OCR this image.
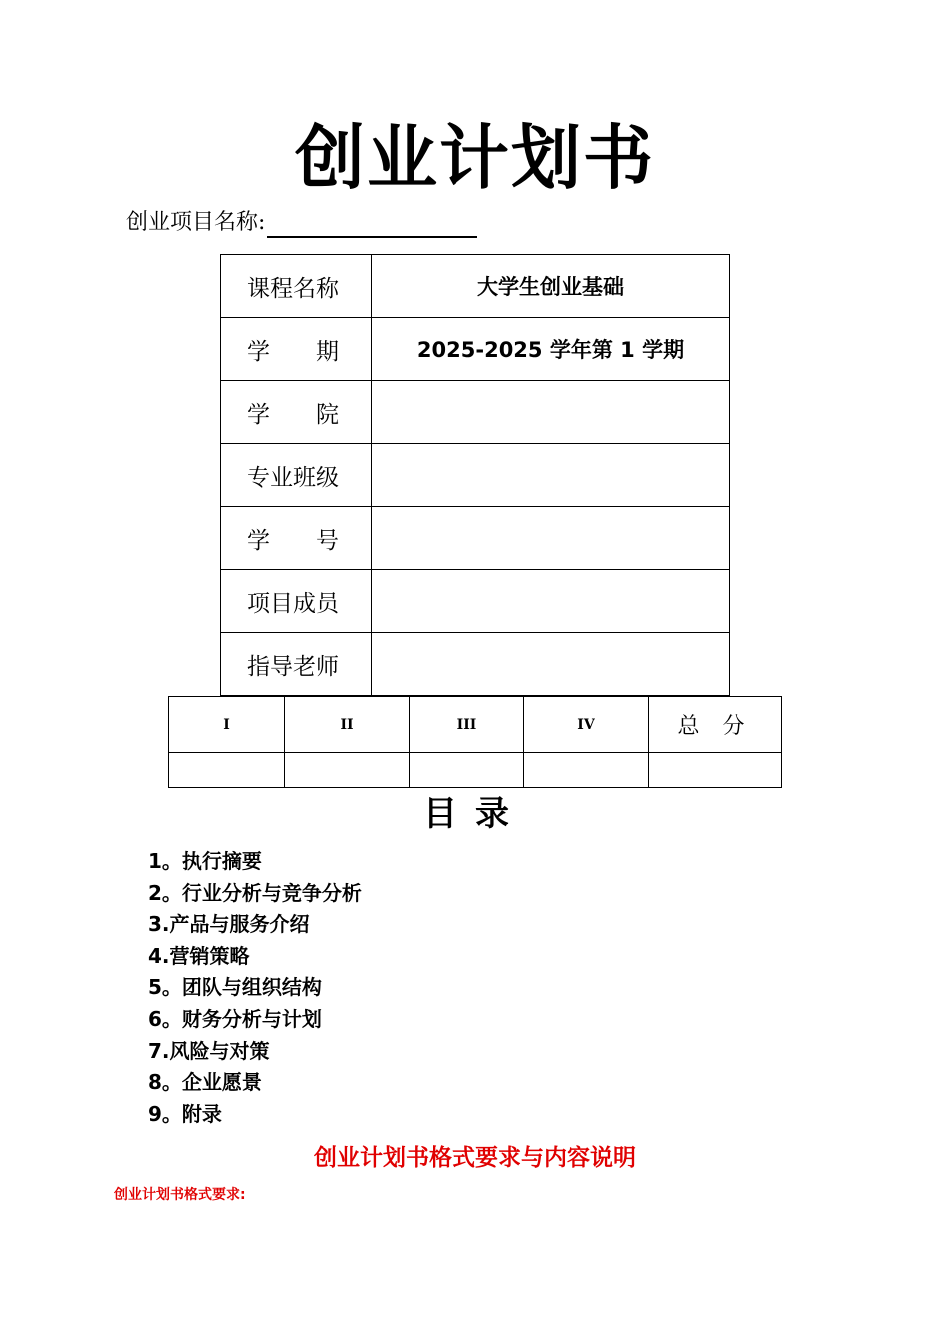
创业计划书
创业项目名称:
课程名称	大学生创业基础
学　　期	2025-2025 学年第 1 学期
学　　院	
专业班级	
学　　号	
项目成员	
指导老师	
I	II	III	IV	总 分

目录
1。执行摘要
2。行业分析与竞争分析
3.产品与服务介绍
4.营销策略
5。团队与组织结构
6。财务分析与计划
7.风险与对策
8。企业愿景
9。附录
创业计划书格式要求与内容说明
创业计划书格式要求:
